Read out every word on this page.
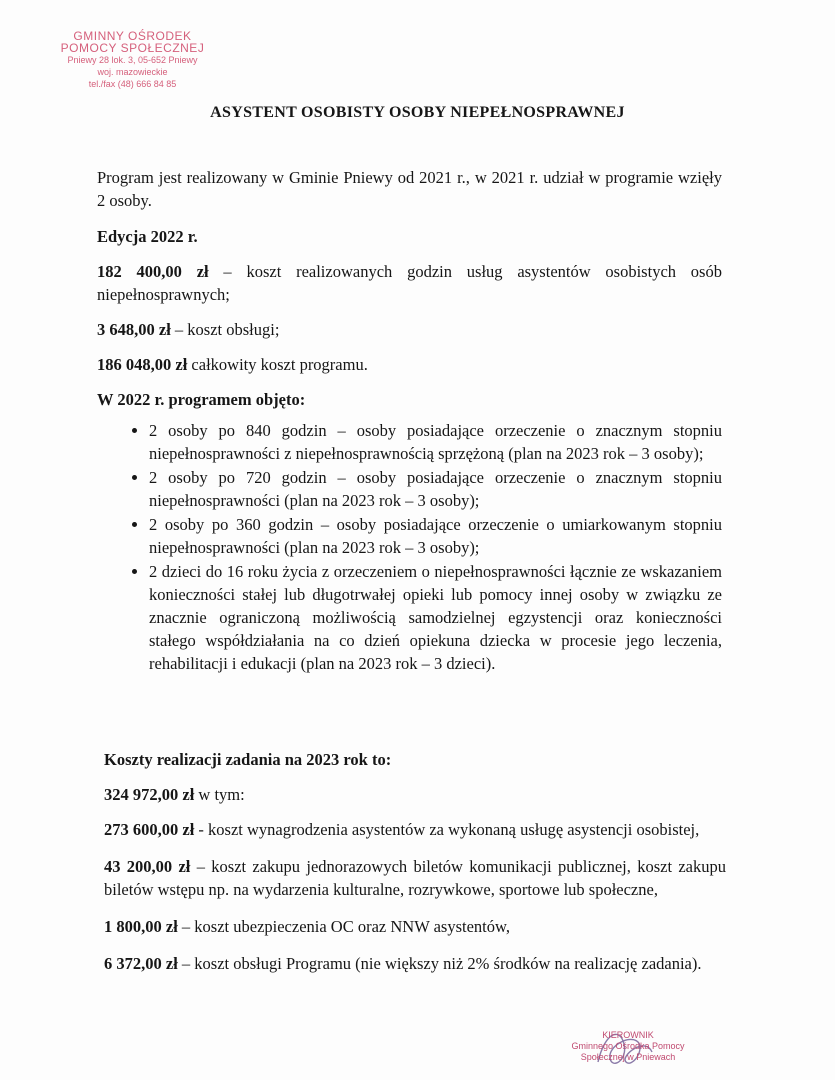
GMINNY OŚRODEK
POMOCY SPOŁECZNEJ
Pniewy 28 lok. 3, 05-652 Pniewy
woj. mazowieckie
tel./fax (48) 666 84 85
ASYSTENT OSOBISTY OSOBY NIEPEŁNOSPRAWNEJ

Program jest realizowany w Gminie Pniewy od 2021 r., w 2021 r. udział w programie wzięły 2 osoby.

Edycja 2022 r.

182 400,00 zł – koszt realizowanych godzin usług asystentów osobistych osób niepełnosprawnych;

3 648,00 zł – koszt obsługi;

186 048,00 zł całkowity koszt programu.

W 2022 r. programem objęto:

• 2 osoby po 840 godzin – osoby posiadające orzeczenie o znacznym stopniu niepełnosprawności z niepełnosprawnością sprzężoną (plan na 2023 rok – 3 osoby);
• 2 osoby po 720 godzin – osoby posiadające orzeczenie o znacznym stopniu niepełnosprawności (plan na 2023 rok – 3 osoby);
• 2 osoby po 360 godzin – osoby posiadające orzeczenie o umiarkowanym stopniu niepełnosprawności (plan na 2023 rok – 3 osoby);
• 2 dzieci do 16 roku życia z orzeczeniem o niepełnosprawności łącznie ze wskazaniem konieczności stałej lub długotrwałej opieki lub pomocy innej osoby w związku ze znacznie ograniczoną możliwością samodzielnej egzystencji oraz konieczności stałego współdziałania na co dzień opiekuna dziecka w procesie jego leczenia, rehabilitacji i edukacji (plan na 2023 rok – 3 dzieci).

Koszty realizacji zadania na 2023 rok to:

324 972,00 zł w tym:

273 600,00 zł - koszt wynagrodzenia asystentów za wykonaną usługę asystencji osobistej,

43 200,00 zł – koszt zakupu jednorazowych biletów komunikacji publicznej, koszt zakupu biletów wstępu np. na wydarzenia kulturalne, rozrywkowe, sportowe lub społeczne,

1 800,00 zł – koszt ubezpieczenia OC oraz NNW asystentów,

6 372,00 zł – koszt obsługi Programu (nie większy niż 2% środków na realizację zadania).

KIEROWNIK
Gminnego Ośrodka Pomocy
Społecznej w Pniewach
